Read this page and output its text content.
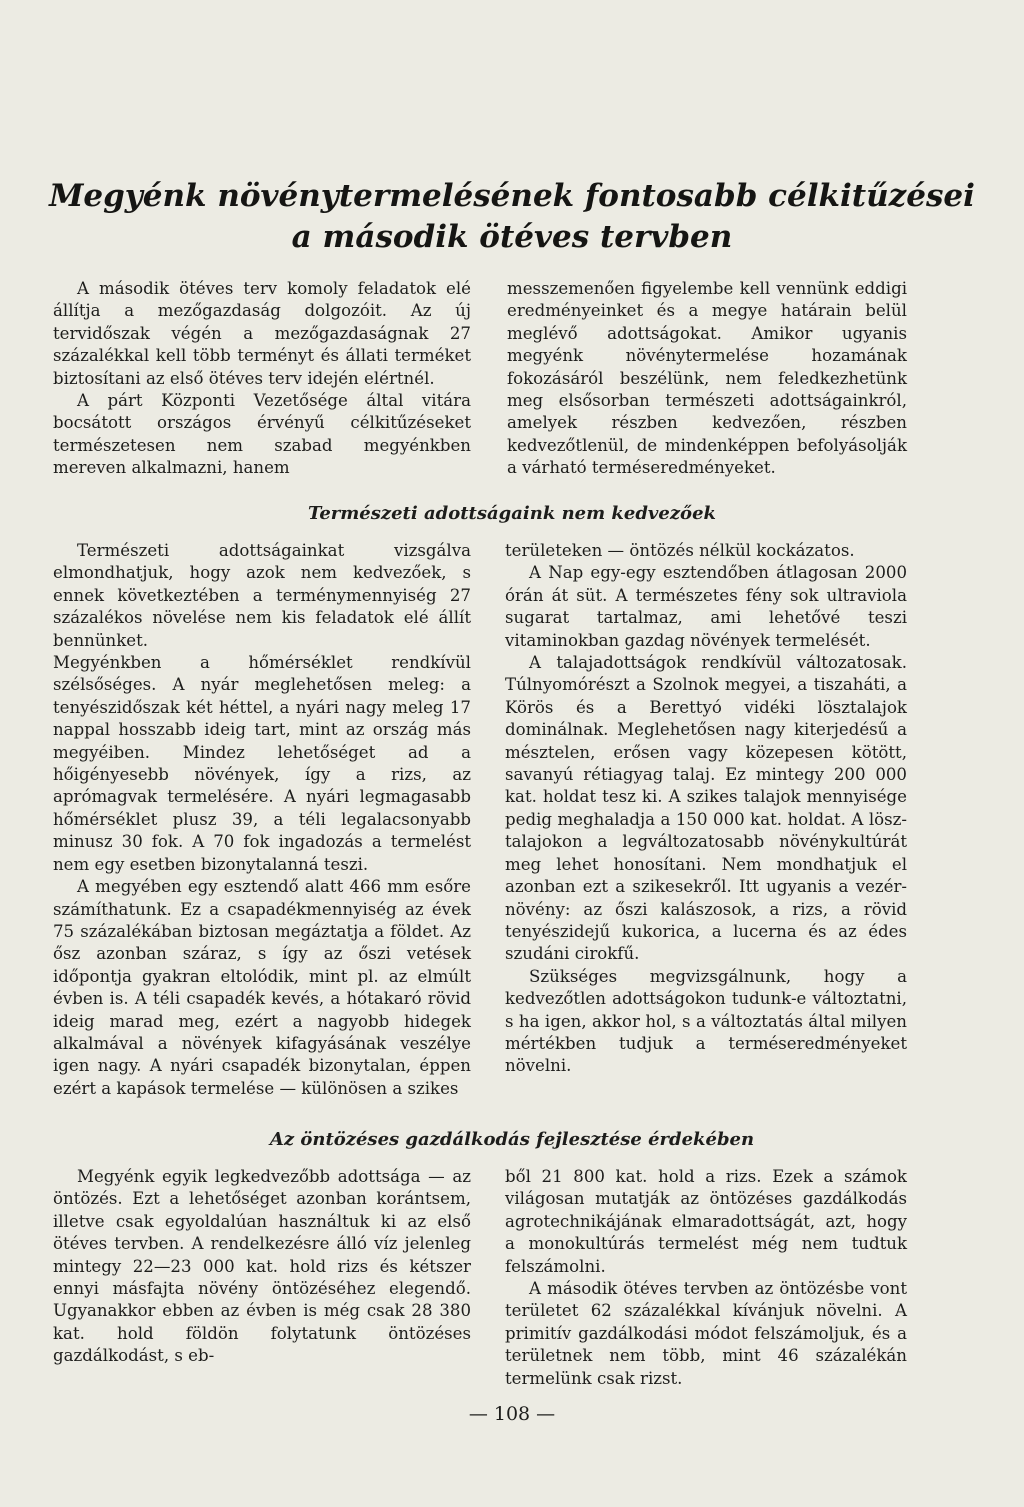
Megyénk növénytermelésének fontosabb célkitűzései
a második ötéves tervben

A második ötéves terv komoly feladatok elé állítja a mezőgazdaság dolgozóit. Az új tervidőszak végén a mezőgazdaságnak 27 százalékkal kell több terményt és állati terméket biztosítani az első ötéves terv idején elértnél.

A párt Központi Vezetősége által vitára bocsátott országos érvényű célkitűzéseket természetesen nem szabad megyénkben mereven alkalmazni, hanem

messzemenően figyelembe kell vennünk eddigi eredményeinket és a megye határain belül meglévő adottságokat. Amikor ugyanis megyénk növénytermelése hozamának fokozásáról beszélünk, nem feledkezhetünk meg elsősorban természeti adottságainkról, amelyek részben kedvezően, részben kedvezőtlenül, de mindenképpen befolyásolják a várható terméseredményeket.

Természeti adottságaink nem kedvezőek

Természeti adottságainkat vizsgálva elmondhatjuk, hogy azok nem kedvezőek, s ennek következtében a terménymennyiség 27 százalékos növelése nem kis feladatok elé állít bennünket.

Megyénkben a hőmérséklet rendkívül szélsőséges. A nyár meglehetősen meleg: a tenyészidőszak két héttel, a nyári nagy meleg 17 nappal hosszabb ideig tart, mint az ország más megyéiben. Mindez lehetőséget ad a hőigényesebb növények, így a rizs, az aprómagvak termelésére. A nyári legmagasabb hőmérséklet plusz 39, a téli legalacsonyabb minusz 30 fok. A 70 fok ingadozás a termelést nem egy esetben bizonytalanná teszi.

A megyében egy esztendő alatt 466 mm esőre számíthatunk. Ez a csapadékmennyiség az évek 75 százalékában biztosan megáztatja a földet. Az ősz azonban száraz, s így az őszi vetések időpontja gyakran eltolódik, mint pl. az elmúlt évben is. A téli csapadék kevés, a hótakaró rövid ideig marad meg, ezért a nagyobb hidegek alkalmával a növények kifagyásának veszélye igen nagy. A nyári csapadék bizonytalan, éppen ezért a kapások termelése — különösen a szikes

területeken — öntözés nélkül kockázatos.

A Nap egy-egy esztendőben átlagosan 2000 órán át süt. A természetes fény sok ultraviola sugarat tartalmaz, ami lehetővé teszi vitaminokban gazdag növények termelését.

A talajadottságok rendkívül változatosak. Túlnyomórészt a Szolnok megyei, a tiszaháti, a Körös és a Berettyó vidéki lösztalajok dominálnak. Meglehetősen nagy kiterjedésű a mésztelen, erősen vagy közepesen kötött, savanyú rétiagyag talaj. Ez mintegy 200 000 kat. holdat tesz ki. A szikes talajok mennyisége pedig meghaladja a 150 000 kat. holdat. A lösz-talajokon a legváltozatosabb növénykultúrát meg lehet honosítani. Nem mondhatjuk el azonban ezt a szikesekről. Itt ugyanis a vezér-növény: az őszi kalászosok, a rizs, a rövid tenyészidejű kukorica, a lucerna és az édes szudáni cirokfű.

Szükséges megvizsgálnunk, hogy a kedvezőtlen adottságokon tudunk-e változtatni, s ha igen, akkor hol, s a változtatás által milyen mértékben tudjuk a terméseredményeket növelni.

Az öntözéses gazdálkodás fejlesztése érdekében

Megyénk egyik legkedvezőbb adottsága — az öntözés. Ezt a lehetőséget azonban korántsem, illetve csak egyoldalúan használtuk ki az első ötéves tervben. A rendelkezésre álló víz jelenleg mintegy 22—23 000 kat. hold rizs és kétszer ennyi másfajta növény öntözéséhez elegendő. Ugyanakkor ebben az évben is még csak 28 380 kat. hold földön folytatunk öntözéses gazdálkodást, s eb-

ből 21 800 kat. hold a rizs. Ezek a számok világosan mutatják az öntözéses gazdálkodás agrotechnikájának elmaradottságát, azt, hogy a monokultúrás termelést még nem tudtuk felszámolni.

A második ötéves tervben az öntözésbe vont területet 62 százalékkal kívánjuk növelni. A primitív gazdálkodási módot felszámoljuk, és a területnek nem több, mint 46 százalékán termelünk csak rizst.

— 108 —
